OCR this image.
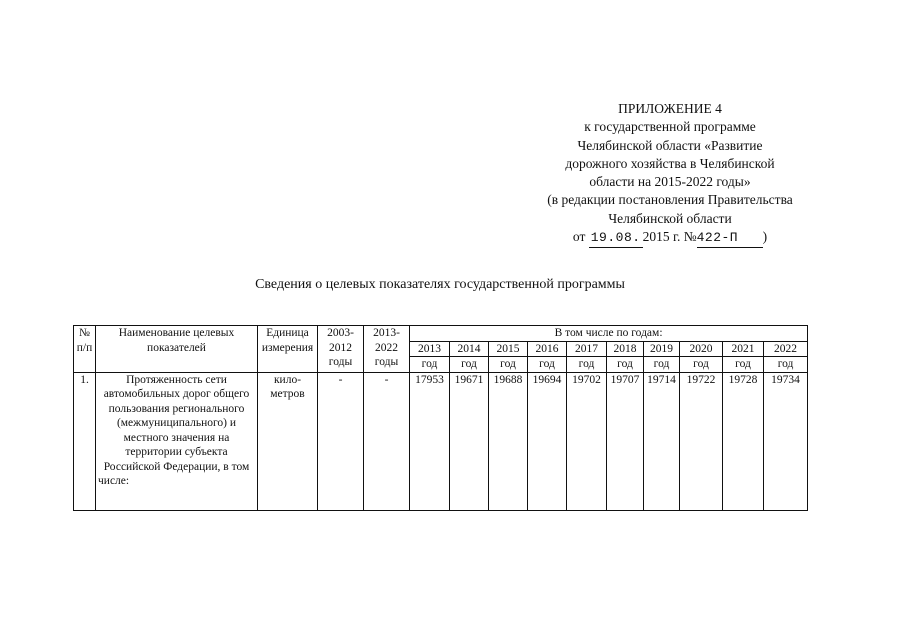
ПРИЛОЖЕНИЕ 4
к государственной программе
Челябинской области «Развитие
дорожного хозяйства в Челябинской
области на 2015-2022 годы»
(в редакции постановления Правительства
Челябинской области
от 19.08. 2015 г. №422-П )
Сведения о целевых показателях государственной программы
№ п/п	Наименование целевых показателей	Единица измерения	2003-2012 годы	2013-2022 годы	В том числе по годам:									
					2013	2014	2015	2016	2017	2018	2019	2020	2021	2022
					год	год	год	год	год	год	год	год	год	год
1.	Протяженность сети автомобильных дорог общего пользования регионального (межмуниципального) и местного значения на территории субъекта Российской Федерации, в том числе:	кило-метров	-	-	17953	19671	19688	19694	19702	19707	19714	19722	19728	19734
